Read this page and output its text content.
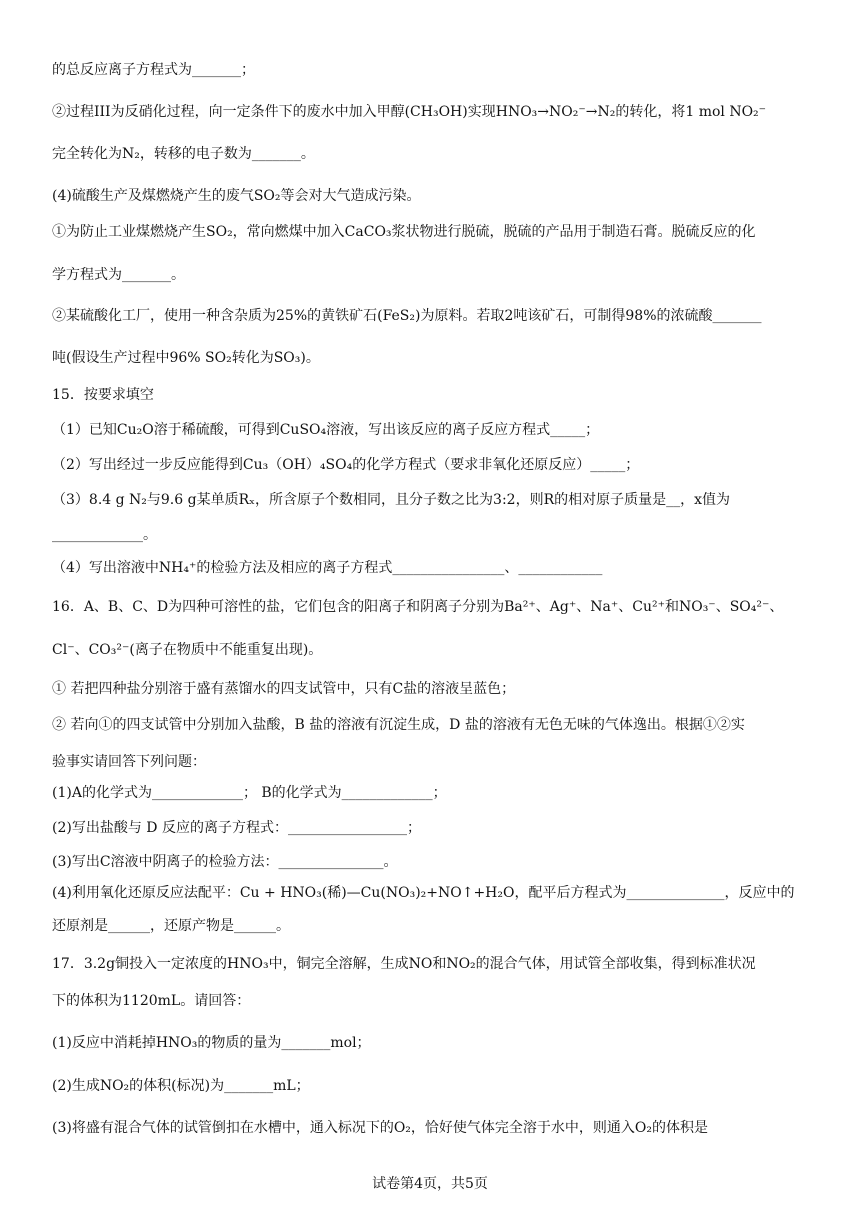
的总反应离子方程式为_______；
②过程III为反硝化过程，向一定条件下的废水中加入甲醇(CH₃OH)实现HNO₃→NO₂⁻→N₂的转化，将1 mol NO₂⁻
完全转化为N₂，转移的电子数为_______。
(4)硫酸生产及煤燃烧产生的废气SO₂等会对大气造成污染。
①为防止工业煤燃烧产生SO₂，常向燃煤中加入CaCO₃浆状物进行脱硫，脱硫的产品用于制造石膏。脱硫反应的化
学方程式为_______。
②某硫酸化工厂，使用一种含杂质为25%的黄铁矿石(FeS₂)为原料。若取2吨该矿石，可制得98%的浓硫酸_______
吨(假设生产过程中96% SO₂转化为SO₃)。
15．按要求填空
（1）已知Cu₂O溶于稀硫酸，可得到CuSO₄溶液，写出该反应的离子反应方程式_____；
（2）写出经过一步反应能得到Cu₃（OH）₄SO₄的化学方程式（要求非氧化还原反应）_____；
（3）8.4 g N₂与9.6 g某单质Rₓ，所含原子个数相同，且分子数之比为3:2，则R的相对原子质量是__，x值为
_____________。
（4）写出溶液中NH₄⁺的检验方法及相应的离子方程式________________、____________
16．A、B、C、D为四种可溶性的盐，它们包含的阳离子和阴离子分别为Ba²⁺、Ag⁺、Na⁺、Cu²⁺和NO₃⁻、SO₄²⁻、
Cl⁻、CO₃²⁻(离子在物质中不能重复出现)。
① 若把四种盐分别溶于盛有蒸馏水的四支试管中，只有C盐的溶液呈蓝色；
② 若向①的四支试管中分别加入盐酸，B 盐的溶液有沉淀生成，D 盐的溶液有无色无味的气体逸出。根据①②实
验事实请回答下列问题：
(1)A的化学式为_____________； B的化学式为_____________；
(2)写出盐酸与 D 反应的离子方程式：_________________；
(3)写出C溶液中阴离子的检验方法：_______________。
(4)利用氧化还原反应法配平：Cu + HNO₃(稀)—Cu(NO₃)₂+NO↑+H₂O，配平后方程式为______________，反应中的
还原剂是______，还原产物是______。
17．3.2g铜投入一定浓度的HNO₃中，铜完全溶解，生成NO和NO₂的混合气体，用试管全部收集，得到标准状况
下的体积为1120mL。请回答：
(1)反应中消耗掉HNO₃的物质的量为_______mol；
(2)生成NO₂的体积(标况)为_______mL；
(3)将盛有混合气体的试管倒扣在水槽中，通入标况下的O₂，恰好使气体完全溶于水中，则通入O₂的体积是
试卷第4页，共5页
